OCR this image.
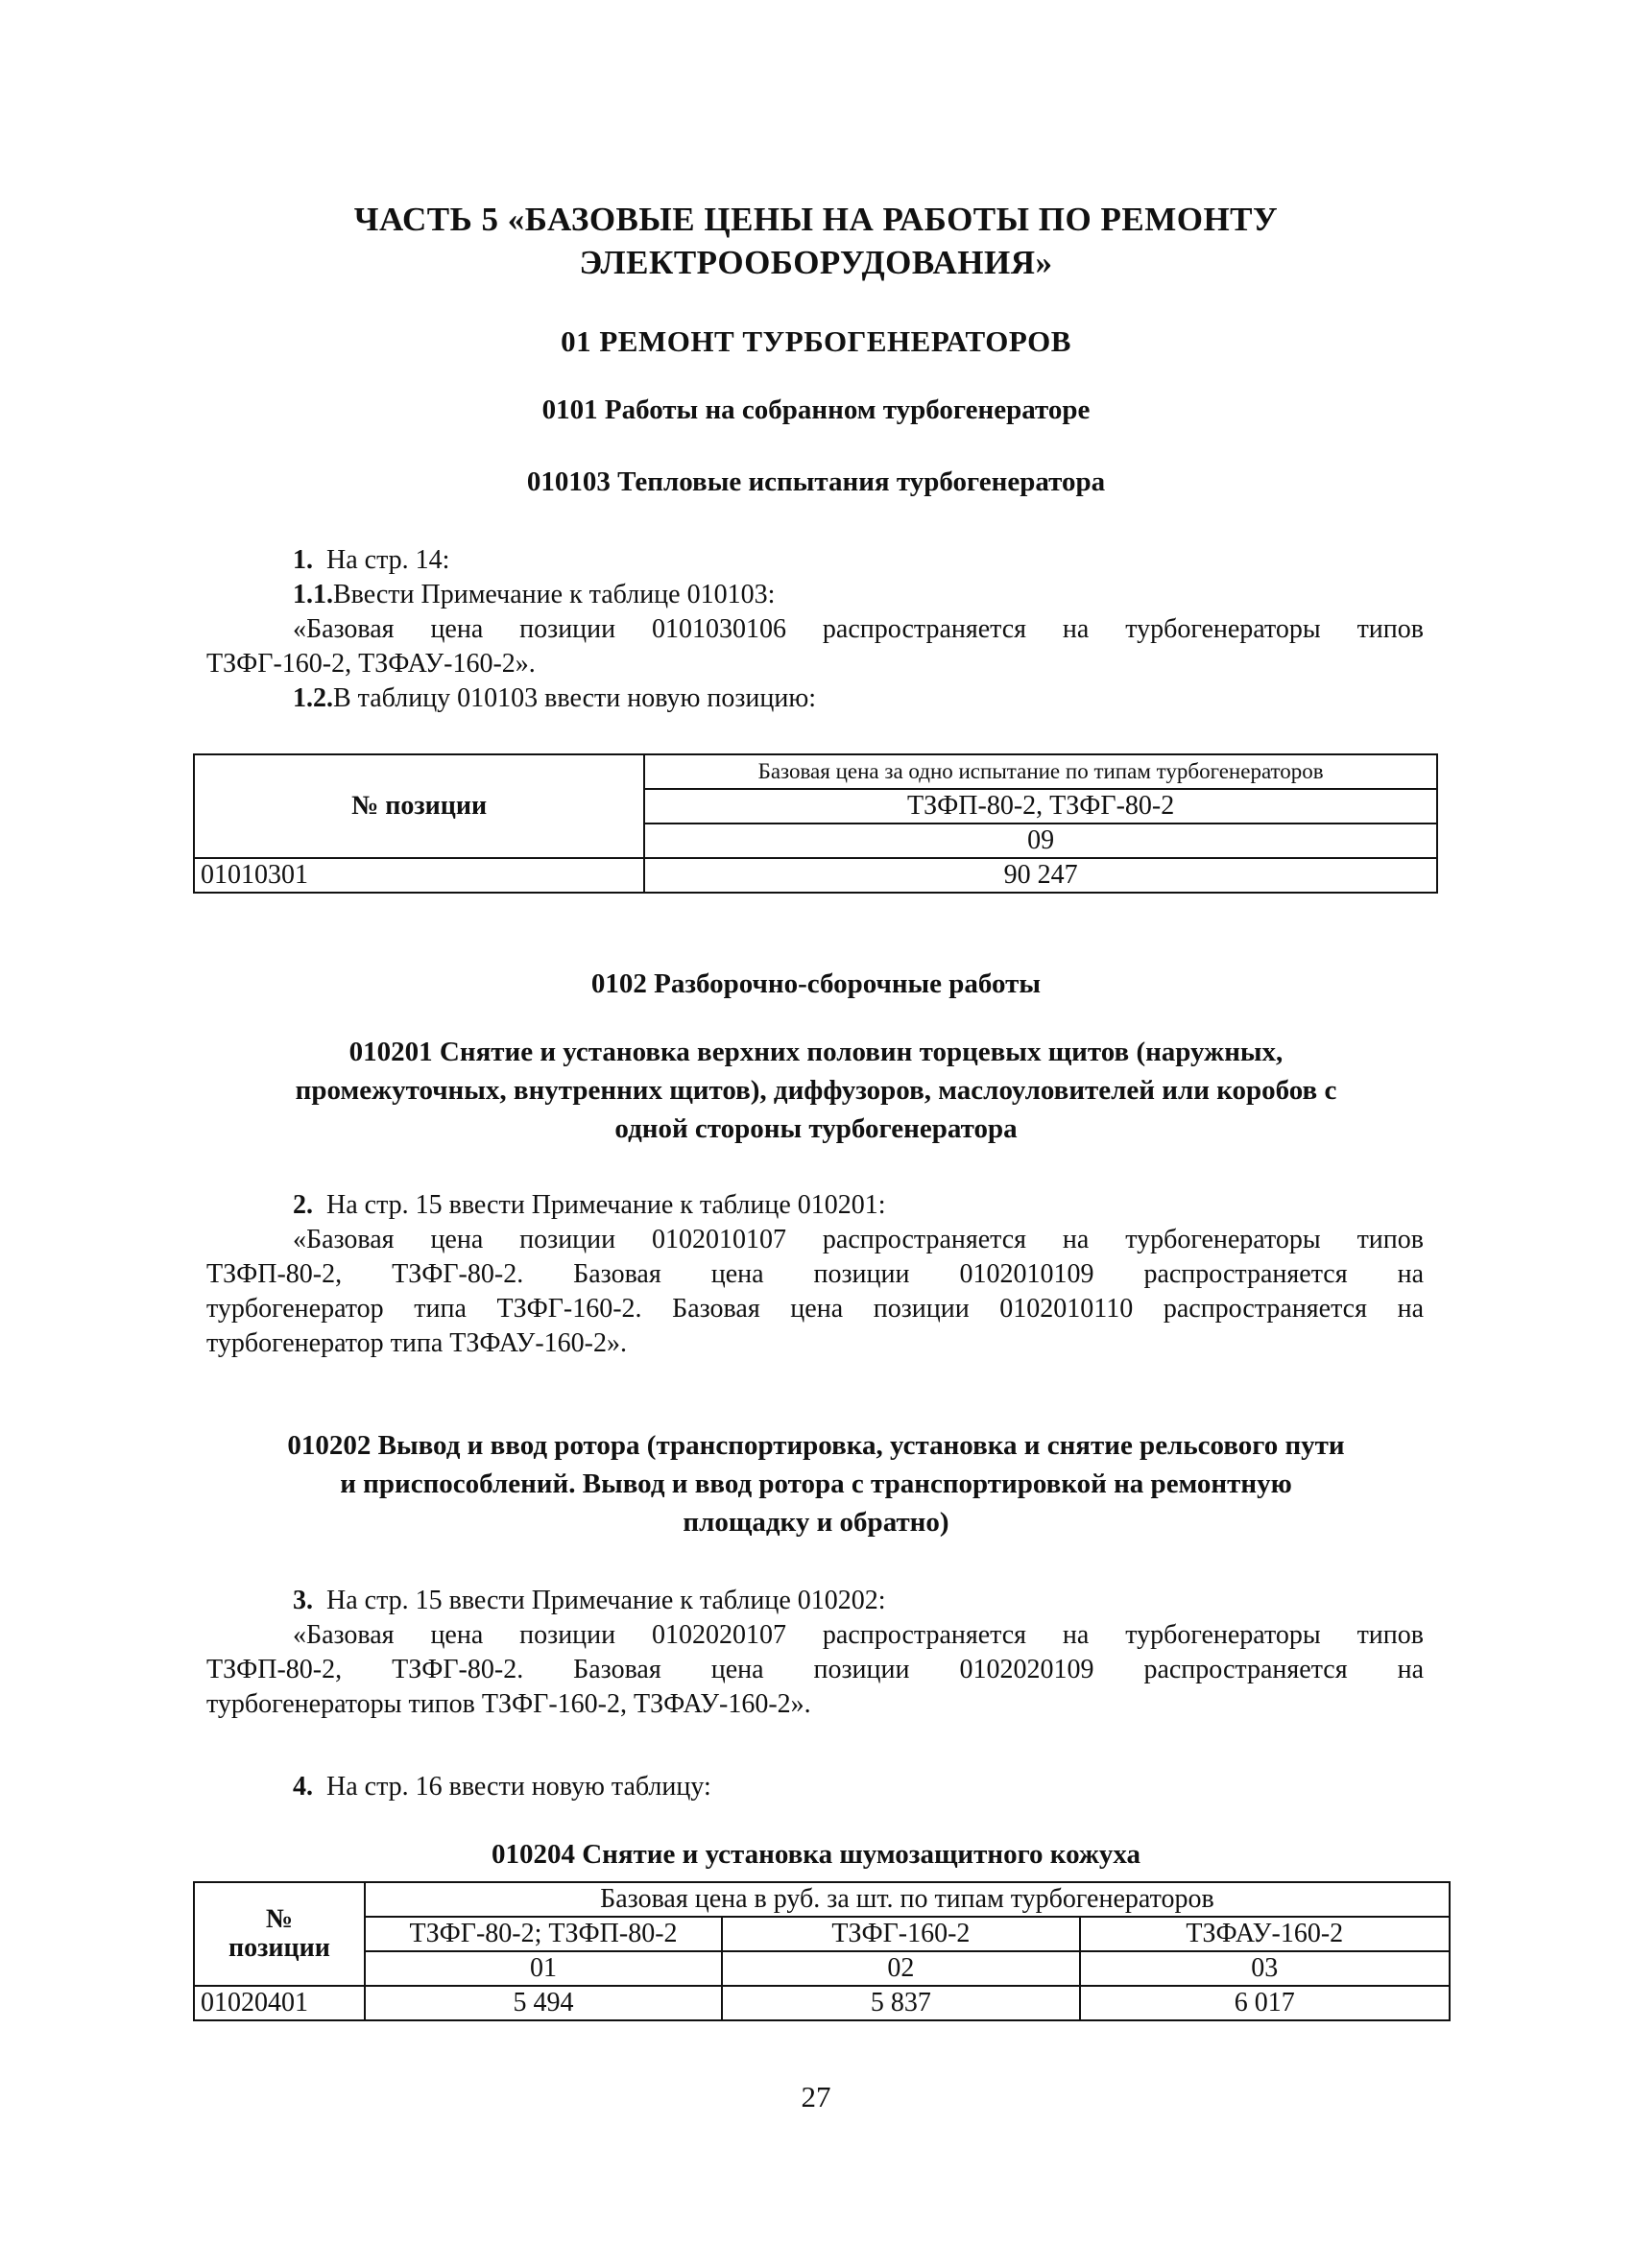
ЧАСТЬ 5 «БАЗОВЫЕ ЦЕНЫ НА РАБОТЫ ПО РЕМОНТУ
ЭЛЕКТРООБОРУДОВАНИЯ»
01 РЕМОНТ ТУРБОГЕНЕРАТОРОВ
0101 Работы на собранном турбогенераторе
010103 Тепловые испытания турбогенератора
1. На стр. 14:
1.1.Ввести Примечание к таблице 010103:
«Базовая цена позиции 0101030106 распространяется на турбогенераторы типов
ТЗФГ-160-2, ТЗФАУ-160-2».
1.2.В таблицу 010103 ввести новую позицию:
№ позиции	Базовая цена за одно испытание по типам турбогенераторов
	ТЗФП-80-2, ТЗФГ-80-2
	09
01010301	90 247
0102 Разборочно-сборочные работы
010201 Снятие и установка верхних половин торцевых щитов (наружных,
промежуточных, внутренних щитов), диффузоров, маслоуловителей или коробов с
одной стороны турбогенератора
2. На стр. 15 ввести Примечание к таблице 010201:
«Базовая цена позиции 0102010107 распространяется на турбогенераторы типов
ТЗФП-80-2, ТЗФГ-80-2. Базовая цена позиции 0102010109 распространяется на
турбогенератор типа ТЗФГ-160-2. Базовая цена позиции 0102010110 распространяется на
турбогенератор типа ТЗФАУ-160-2».
010202 Вывод и ввод ротора (транспортировка, установка и снятие рельсового пути
и приспособлений. Вывод и ввод ротора с транспортировкой на ремонтную
площадку и обратно)
3. На стр. 15 ввести Примечание к таблице 010202:
«Базовая цена позиции 0102020107 распространяется на турбогенераторы типов
ТЗФП-80-2, ТЗФГ-80-2. Базовая цена позиции 0102020109 распространяется на
турбогенераторы типов ТЗФГ-160-2, ТЗФАУ-160-2».
4. На стр. 16 ввести новую таблицу:
010204 Снятие и установка шумозащитного кожуха
№
позиции	Базовая цена в руб. за шт. по типам турбогенераторов		
	ТЗФГ-80-2; ТЗФП-80-2	ТЗФГ-160-2	ТЗФАУ-160-2
	01	02	03
01020401	5 494	5 837	6 017
27
